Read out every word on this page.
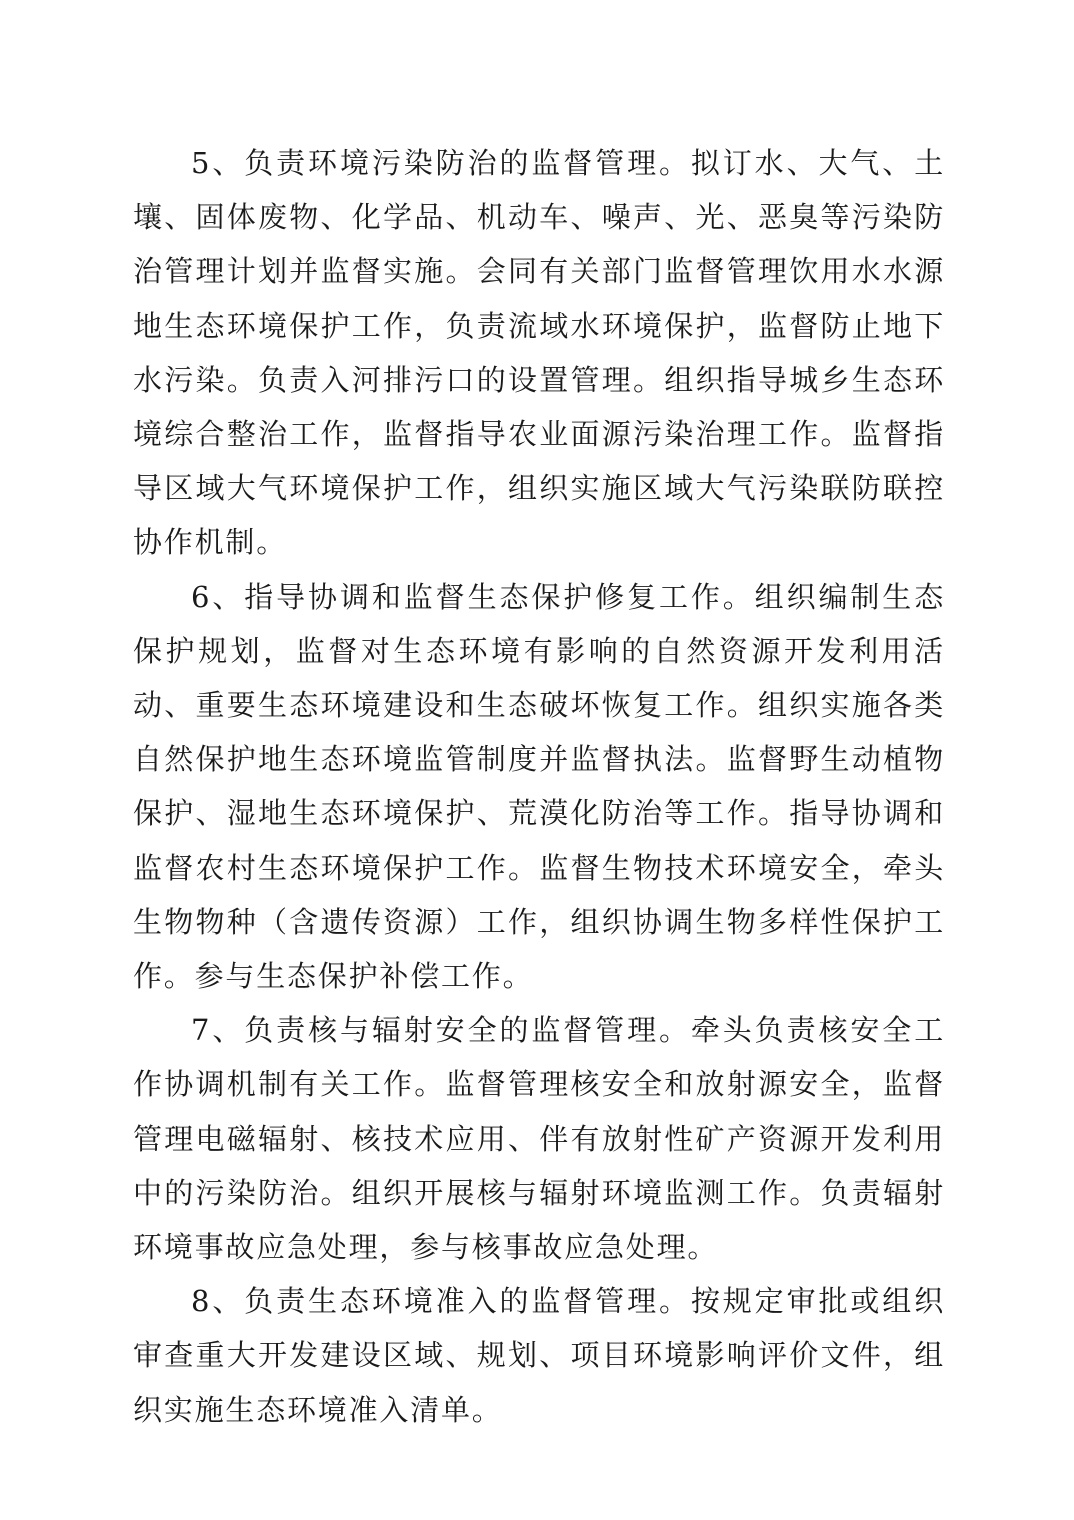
5、负责环境污染防治的监督管理。拟订水、大气、土壤、固体废物、化学品、机动车、噪声、光、恶臭等污染防治管理计划并监督实施。会同有关部门监督管理饮用水水源地生态环境保护工作，负责流域水环境保护，监督防止地下水污染。负责入河排污口的设置管理。组织指导城乡生态环境综合整治工作，监督指导农业面源污染治理工作。监督指导区域大气环境保护工作，组织实施区域大气污染联防联控协作机制。

6、指导协调和监督生态保护修复工作。组织编制生态保护规划，监督对生态环境有影响的自然资源开发利用活动、重要生态环境建设和生态破坏恢复工作。组织实施各类自然保护地生态环境监管制度并监督执法。监督野生动植物保护、湿地生态环境保护、荒漠化防治等工作。指导协调和监督农村生态环境保护工作。监督生物技术环境安全，牵头生物物种（含遗传资源）工作，组织协调生物多样性保护工作。参与生态保护补偿工作。

7、负责核与辐射安全的监督管理。牵头负责核安全工作协调机制有关工作。监督管理核安全和放射源安全，监督管理电磁辐射、核技术应用、伴有放射性矿产资源开发利用中的污染防治。组织开展核与辐射环境监测工作。负责辐射环境事故应急处理，参与核事故应急处理。

8、负责生态环境准入的监督管理。按规定审批或组织审查重大开发建设区域、规划、项目环境影响评价文件，组织实施生态环境准入清单。
